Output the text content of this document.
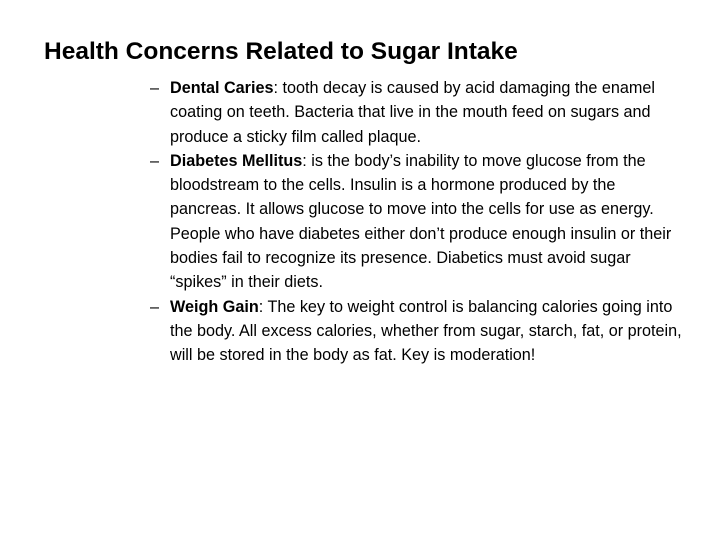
Health Concerns Related to Sugar Intake
– Dental Caries: tooth decay is caused by acid damaging the enamel coating on teeth. Bacteria that live in the mouth feed on sugars and produce a sticky film called plaque.
– Diabetes Mellitus: is the body’s inability to move glucose from the bloodstream to the cells. Insulin is a hormone produced by the pancreas. It allows glucose to move into the cells for use as energy. People who have diabetes either don’t produce enough insulin or their bodies fail to recognize its presence. Diabetics must avoid sugar “spikes” in their diets.
– Weigh Gain: The key to weight control is balancing calories going into the body. All excess calories, whether from sugar, starch, fat, or protein, will be stored in the body as fat. Key is moderation!
